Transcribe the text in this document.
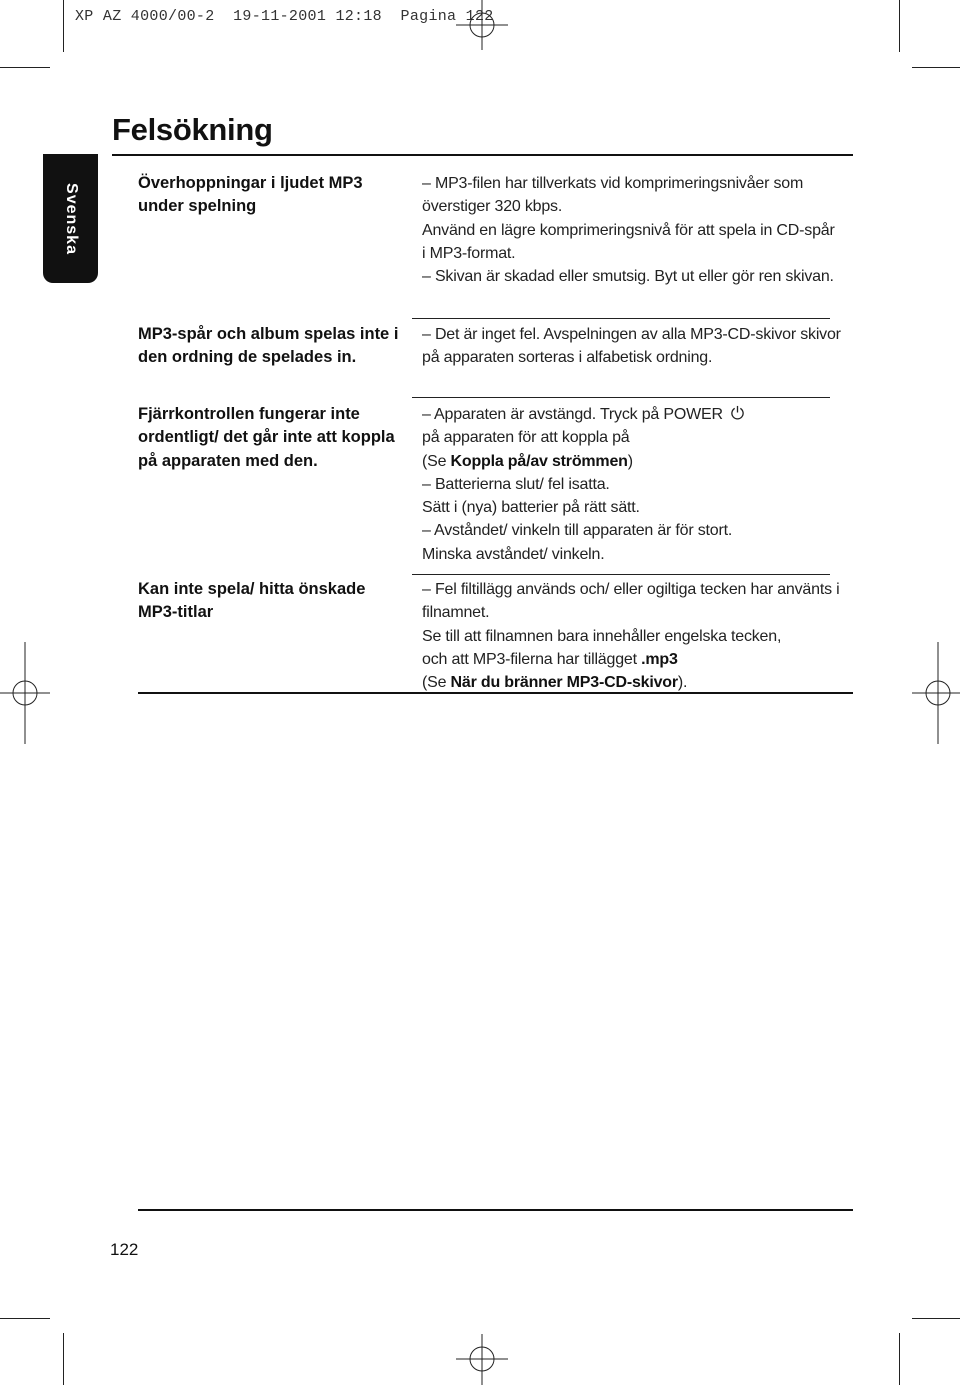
XP AZ 4000/00-2  19-11-2001 12:18  Pagina 122
Felsökning
Svenska	Överhoppningar i ljudet MP3 under spelning

– MP3-filen har tillverkats vid komprimeringsnivåer som överstiger 320 kbps.

Använd en lägre komprimeringsnivå för att spela in CD-spår i MP3-format.

– Skivan är skadad eller smutsig. Byt ut eller gör ren skivan.

MP3-spår och album spelas inte i den ordning de spelades in.

– Det är inget fel. Avspelningen av alla MP3-CD-skivor skivor på apparaten sorteras i alfabetisk ordning.

Fjärrkontrollen fungerar inte ordentligt/ det går inte att koppla på apparaten med den.

– Apparaten är avstängd. Tryck på POWER

på apparaten för att koppla på

(Se Koppla på/av strömmen)

– Batterierna slut/ fel isatta.

Sätt i (nya) batterier på rätt sätt.

– Avståndet/ vinkeln till apparaten är för stort.

Minska avståndet/ vinkeln.

Kan inte spela/ hitta önskade MP3-titlar

– Fel filtillägg används och/ eller ogiltiga tecken har använts i filnamnet.

Se till att filnamnen bara innehåller engelska tecken,

och att MP3-filerna har tillägget .mp3

(Se När du bränner MP3-CD-skivor).

122
